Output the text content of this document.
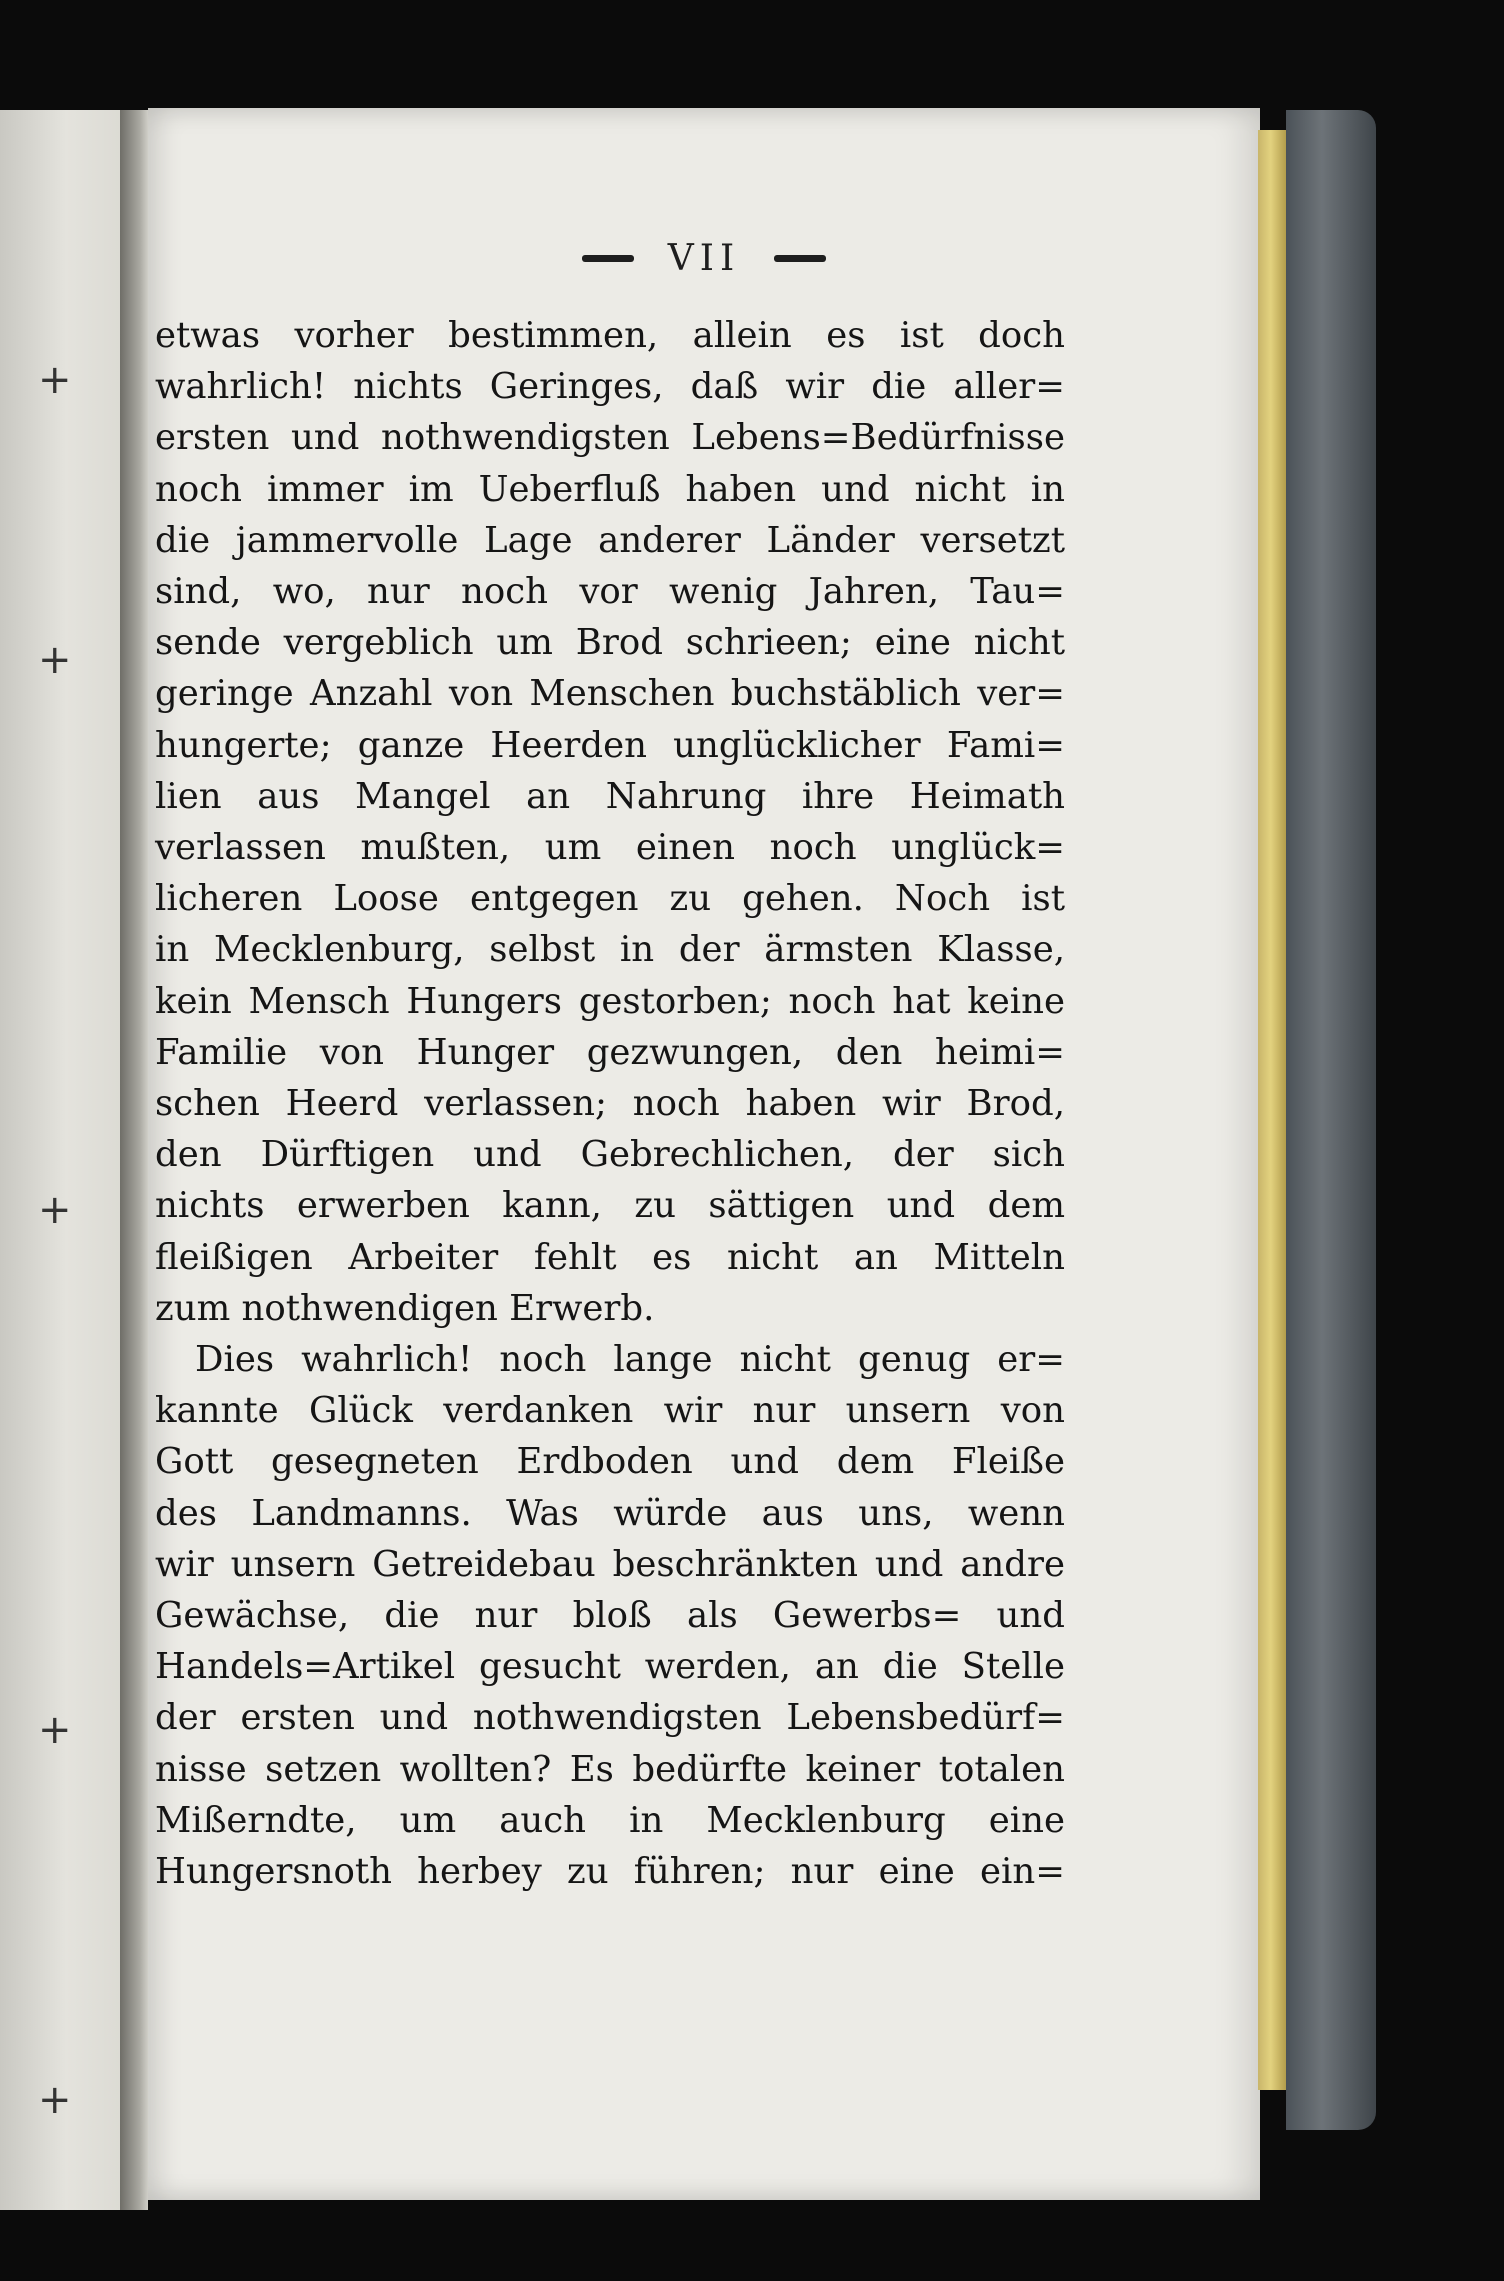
+
+
+
+
+
VII
etwas vorher bestimmen, allein es ist doch
wahrlich! nichts Geringes, daß wir die aller=
ersten und nothwendigsten Lebens=Bedürfnisse
noch immer im Ueberfluß haben und nicht in
die jammervolle Lage anderer Länder versetzt
sind, wo, nur noch vor wenig Jahren, Tau=
sende vergeblich um Brod schrieen; eine nicht
geringe Anzahl von Menschen buchstäblich ver=
hungerte; ganze Heerden unglücklicher Fami=
lien aus Mangel an Nahrung ihre Heimath
verlassen mußten, um einen noch unglück=
licheren Loose entgegen zu gehen. Noch ist
in Mecklenburg, selbst in der ärmsten Klasse,
kein Mensch Hungers gestorben; noch hat keine
Familie von Hunger gezwungen, den heimi=
schen Heerd verlassen; noch haben wir Brod,
den Dürftigen und Gebrechlichen, der sich
nichts erwerben kann, zu sättigen und dem
fleißigen Arbeiter fehlt es nicht an Mitteln
zum nothwendigen Erwerb.
Dies wahrlich! noch lange nicht genug er=
kannte Glück verdanken wir nur unsern von
Gott gesegneten Erdboden und dem Fleiße
des Landmanns. Was würde aus uns, wenn
wir unsern Getreidebau beschränkten und andre
Gewächse, die nur bloß als Gewerbs= und
Handels=Artikel gesucht werden, an die Stelle
der ersten und nothwendigsten Lebensbedürf=
nisse setzen wollten? Es bedürfte keiner totalen
Mißerndte, um auch in Mecklenburg eine
Hungersnoth herbey zu führen; nur eine ein=
